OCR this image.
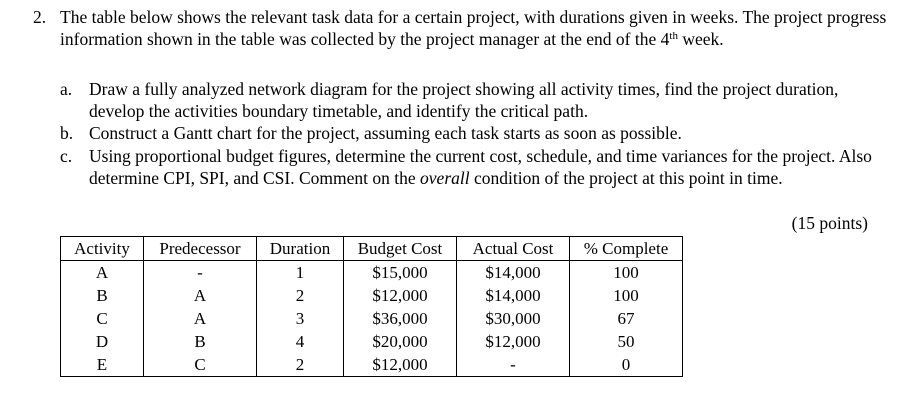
2. The table below shows the relevant task data for a certain project, with durations given in weeks. The project progress information shown in the table was collected by the project manager at the end of the 4th week.
a. Draw a fully analyzed network diagram for the project showing all activity times, find the project duration, develop the activities boundary timetable, and identify the critical path.
b. Construct a Gantt chart for the project, assuming each task starts as soon as possible.
c. Using proportional budget figures, determine the current cost, schedule, and time variances for the project. Also determine CPI, SPI, and CSI. Comment on the overall condition of the project at this point in time.
(15 points)
Activity	Predecessor	Duration	Budget Cost	Actual Cost	% Complete
A	-	1	$15,000	$14,000	100
B	A	2	$12,000	$14,000	100
C	A	3	$36,000	$30,000	67
D	B	4	$20,000	$12,000	50
E	C	2	$12,000	-	0
